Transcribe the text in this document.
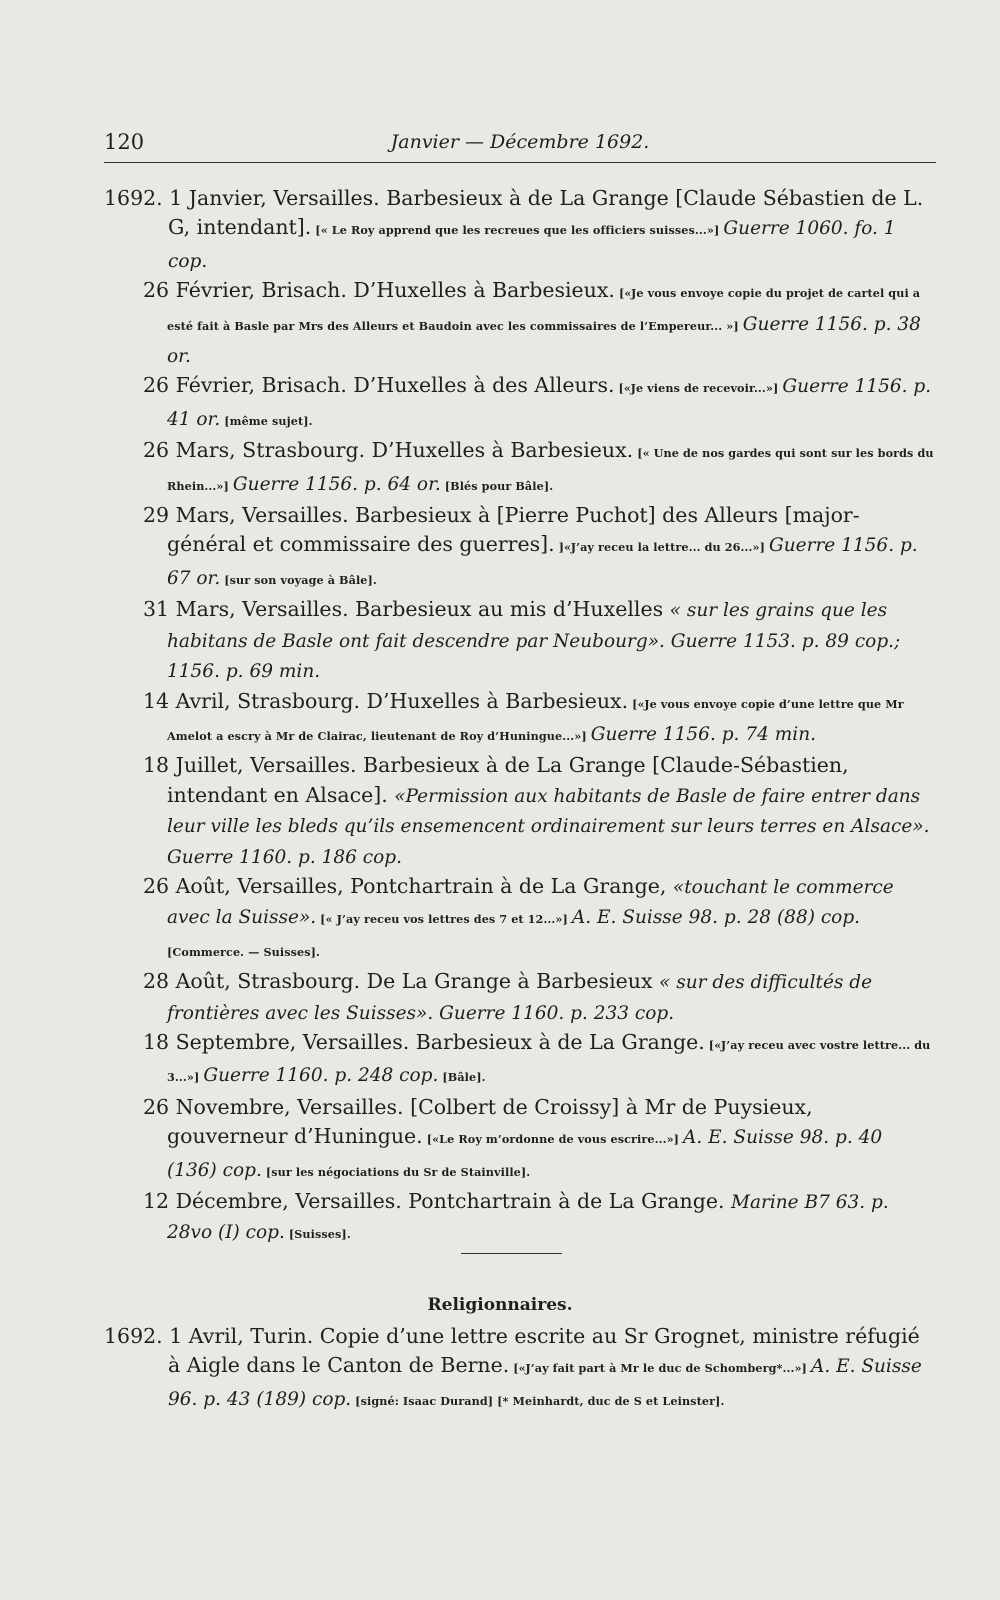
120	Janvier — Décembre 1692.

1692. 1 Janvier, Versailles. Barbesieux à de La Grange [Claude Sébastien de L. G, intendant]. [« Le Roy apprend que les recreues que les officiers suisses...»] Guerre 1060. fo. 1 cop.

26 Février, Brisach. D’Huxelles à Barbesieux. [«Je vous envoye copie du projet de cartel qui a esté fait à Basle par Mrs des Alleurs et Baudoin avec les commissaires de l’Empereur... »] Guerre 1156. p. 38 or.

26 Février, Brisach. D’Huxelles à des Alleurs. [«Je viens de recevoir...»] Guerre 1156. p. 41 or. [même sujet].

26 Mars, Strasbourg. D’Huxelles à Barbesieux. [« Une de nos gardes qui sont sur les bords du Rhein...»] Guerre 1156. p. 64 or. [Blés pour Bâle].

29 Mars, Versailles. Barbesieux à [Pierre Puchot] des Alleurs [major-général et commissaire des guerres]. ]«J’ay receu la lettre... du 26...»] Guerre 1156. p. 67 or. [sur son voyage à Bâle].

31 Mars, Versailles. Barbesieux au mis d’Huxelles « sur les grains que les habitans de Basle ont fait descendre par Neubourg». Guerre 1153. p. 89 cop.; 1156. p. 69 min.

14 Avril, Strasbourg. D’Huxelles à Barbesieux. [«Je vous envoye copie d’une lettre que Mr Amelot a escry à Mr de Clairac, lieutenant de Roy d’Huningue...»] Guerre 1156. p. 74 min.

18 Juillet, Versailles. Barbesieux à de La Grange [Claude-Sébastien, intendant en Alsace]. «Permission aux habitants de Basle de faire entrer dans leur ville les bleds qu’ils ensemencent ordinairement sur leurs terres en Alsace». Guerre 1160. p. 186 cop.

26 Août, Versailles, Pontchartrain à de La Grange, «touchant le commerce avec la Suisse». [« J’ay receu vos lettres des 7 et 12...»] A. E. Suisse 98. p. 28 (88) cop. [Commerce. — Suisses].

28 Août, Strasbourg. De La Grange à Barbesieux « sur des difficultés de frontières avec les Suisses». Guerre 1160. p. 233 cop.

18 Septembre, Versailles. Barbesieux à de La Grange. [«J’ay receu avec vostre lettre... du 3...»] Guerre 1160. p. 248 cop. [Bâle].

26 Novembre, Versailles. [Colbert de Croissy] à Mr de Puysieux, gouverneur d’Huningue. [«Le Roy m’ordonne de vous escrire...»] A. E. Suisse 98. p. 40 (136) cop. [sur les négociations du Sr de Stainville].

12 Décembre, Versailles. Pontchartrain à de La Grange. Marine B7 63. p. 28vo (I) cop. [Suisses].

Religionnaires.

1692. 1 Avril, Turin. Copie d’une lettre escrite au Sr Grognet, ministre réfugié à Aigle dans le Canton de Berne. [«J’ay fait part à Mr le duc de Schomberg*...»] A. E. Suisse 96. p. 43 (189) cop. [signé: Isaac Durand] [* Meinhardt, duc de S et Leinster].
